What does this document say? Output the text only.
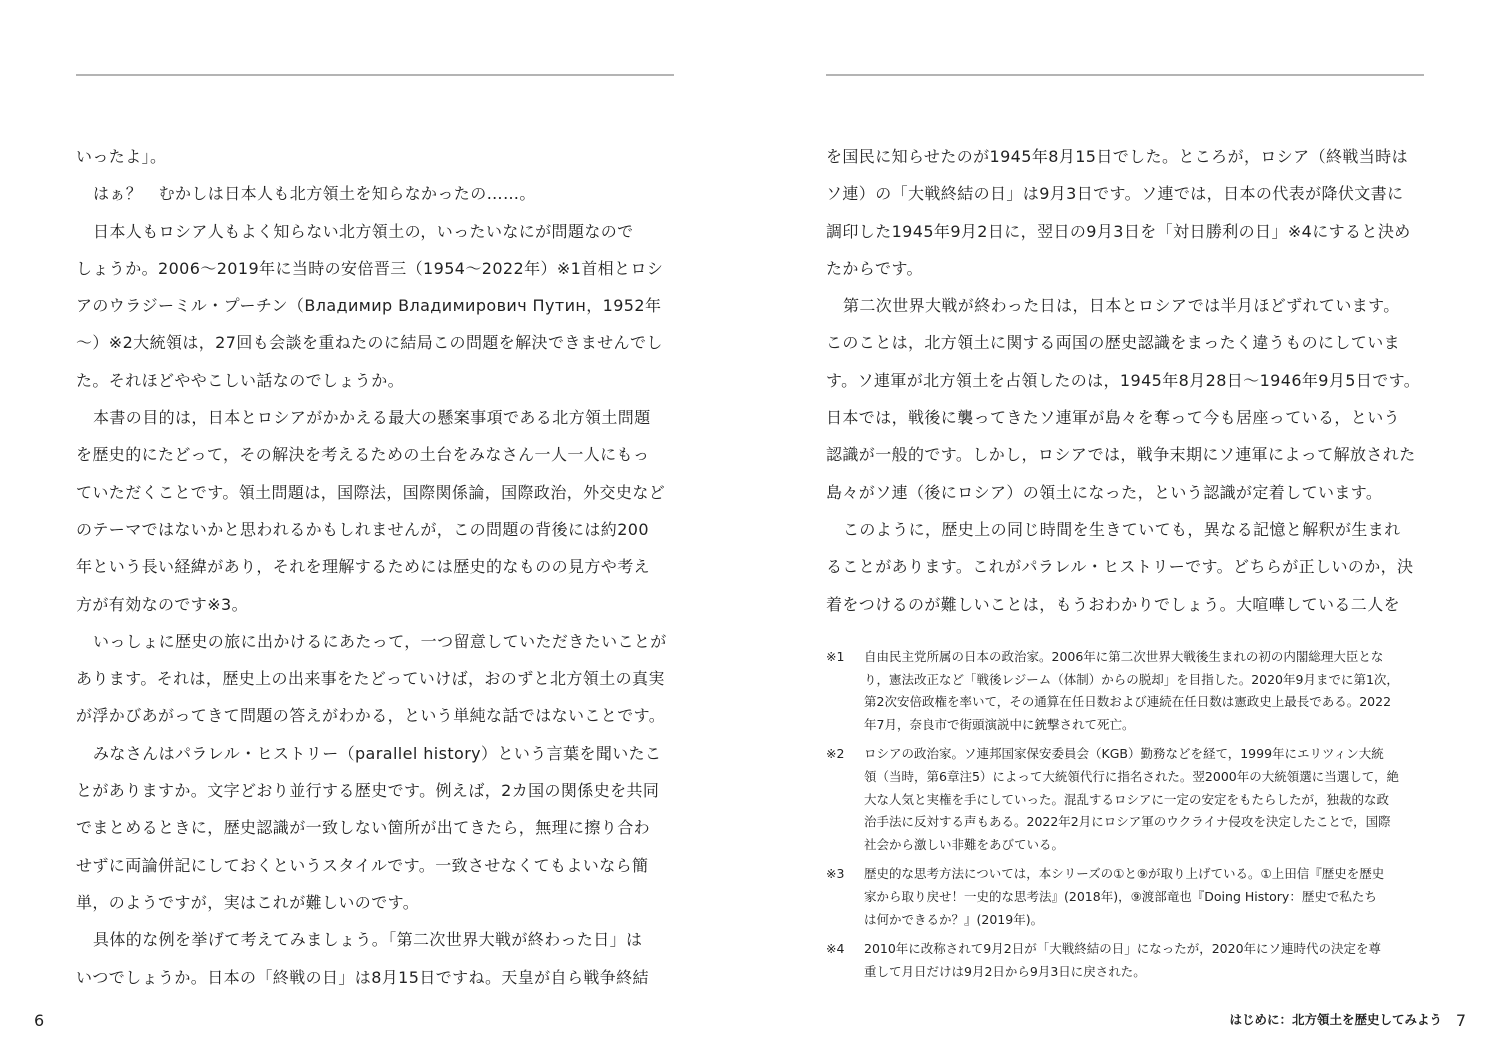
いったよ」。
はぁ？　むかしは日本人も北方領土を知らなかったの……。
日本人もロシア人もよく知らない北方領土の，いったいなにが問題なので
しょうか。2006〜2019年に当時の安倍晋三（1954〜2022年）※1首相とロシ
アのウラジーミル・プーチン（Владимир Владимирович Путин，1952年
〜）※2大統領は，27回も会談を重ねたのに結局この問題を解決できませんでし
た。それほどややこしい話なのでしょうか。
本書の目的は，日本とロシアがかかえる最大の懸案事項である北方領土問題
を歴史的にたどって，その解決を考えるための土台をみなさん一人一人にもっ
ていただくことです。領土問題は，国際法，国際関係論，国際政治，外交史など
のテーマではないかと思われるかもしれませんが，この問題の背後には約200
年という長い経緯があり，それを理解するためには歴史的なものの見方や考え
方が有効なのです※3。
いっしょに歴史の旅に出かけるにあたって，一つ留意していただきたいことが
あります。それは，歴史上の出来事をたどっていけば，おのずと北方領土の真実
が浮かびあがってきて問題の答えがわかる，という単純な話ではないことです。
みなさんはパラレル・ヒストリー（parallel history）という言葉を聞いたこ
とがありますか。文字どおり並行する歴史です。例えば，2カ国の関係史を共同
でまとめるときに，歴史認識が一致しない箇所が出てきたら，無理に擦り合わ
せずに両論併記にしておくというスタイルです。一致させなくてもよいなら簡
単，のようですが，実はこれが難しいのです。
具体的な例を挙げて考えてみましょう。「第二次世界大戦が終わった日」は
いつでしょうか。日本の「終戦の日」は8月15日ですね。天皇が自ら戦争終結
6
を国民に知らせたのが1945年8月15日でした。ところが，ロシア（終戦当時は
ソ連）の「大戦終結の日」は9月3日です。ソ連では，日本の代表が降伏文書に
調印した1945年9月2日に，翌日の9月3日を「対日勝利の日」※4にすると決め
たからです。
第二次世界大戦が終わった日は，日本とロシアでは半月ほどずれています。
このことは，北方領土に関する両国の歴史認識をまったく違うものにしていま
す。ソ連軍が北方領土を占領したのは，1945年8月28日〜1946年9月5日です。
日本では，戦後に襲ってきたソ連軍が島々を奪って今も居座っている，という
認識が一般的です。しかし，ロシアでは，戦争末期にソ連軍によって解放された
島々がソ連（後にロシア）の領土になった，という認識が定着しています。
このように，歴史上の同じ時間を生きていても，異なる記憶と解釈が生まれ
ることがあります。これがパラレル・ヒストリーです。どちらが正しいのか，決
着をつけるのが難しいことは，もうおわかりでしょう。大喧嘩している二人を
※1	自由民主党所属の日本の政治家。2006年に第二次世界大戦後生まれの初の内閣総理大臣とな
り，憲法改正など「戦後レジーム（体制）からの脱却」を目指した。2020年9月までに第1次，
第2次安倍政権を率いて，その通算在任日数および連続在任日数は憲政史上最長である。2022
年7月，奈良市で街頭演説中に銃撃されて死亡。
※2	ロシアの政治家。ソ連邦国家保安委員会（KGB）勤務などを経て，1999年にエリツィン大統
領（当時，第6章注5）によって大統領代行に指名された。翌2000年の大統領選に当選して，絶
大な人気と実権を手にしていった。混乱するロシアに一定の安定をもたらしたが，独裁的な政
治手法に反対する声もある。2022年2月にロシア軍のウクライナ侵攻を決定したことで，国際
社会から激しい非難をあびている。
※3	歴史的な思考方法については，本シリーズの①と⑨が取り上げている。①上田信『歴史を歴史
家から取り戻せ！一史的な思考法』(2018年)，⑨渡部竜也『Doing History：歴史で私たち
は何かできるか？』(2019年)。
※4	2010年に改称されて9月2日が「大戦終結の日」になったが，2020年にソ連時代の決定を尊
重して月日だけは9月2日から9月3日に戻された。
はじめに：北方領土を歴史してみよう 7
